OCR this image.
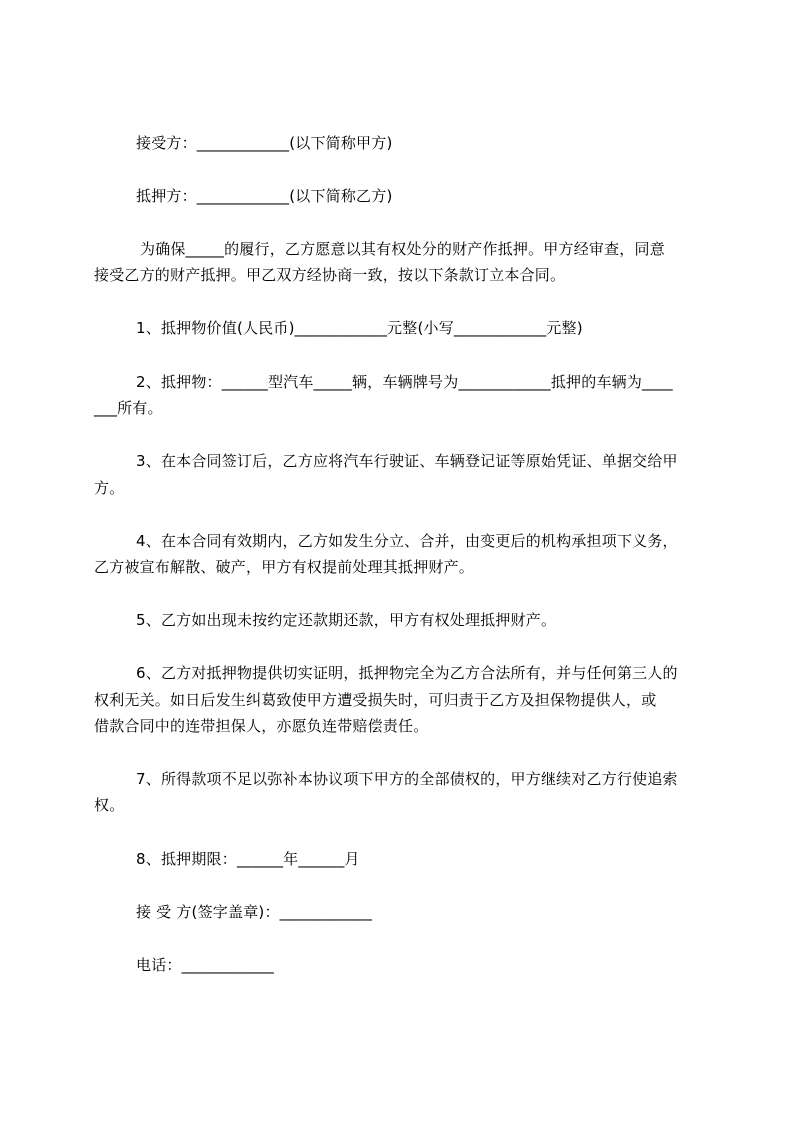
接受方：____________(以下简称甲方)
抵押方：____________(以下简称乙方)
为确保_____的履行，乙方愿意以其有权处分的财产作抵押。甲方经审查，同意
接受乙方的财产抵押。甲乙双方经协商一致，按以下条款订立本合同。
1、抵押物价值(人民币)____________元整(小写____________元整)
2、抵押物：______型汽车_____辆，车辆牌号为____________抵押的车辆为____
___所有。
3、在本合同签订后，乙方应将汽车行驶证、车辆登记证等原始凭证、单据交给甲
方。
4、在本合同有效期内，乙方如发生分立、合并，由变更后的机构承担项下义务，
乙方被宣布解散、破产，甲方有权提前处理其抵押财产。
5、乙方如出现未按约定还款期还款，甲方有权处理抵押财产。
6、乙方对抵押物提供切实证明，抵押物完全为乙方合法所有，并与任何第三人的
权利无关。如日后发生纠葛致使甲方遭受损失时，可归责于乙方及担保物提供人，或
借款合同中的连带担保人，亦愿负连带赔偿责任。
7、所得款项不足以弥补本协议项下甲方的全部债权的，甲方继续对乙方行使追索
权。
8、抵押期限：______年______月
接 受 方(签字盖章)：____________
电话：____________
